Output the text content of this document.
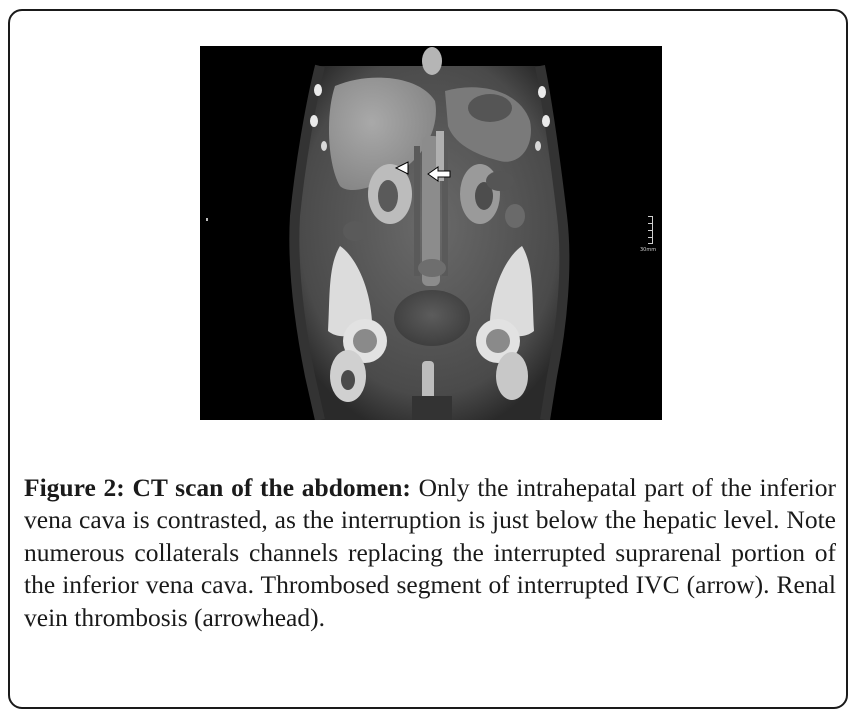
30mm

Figure 2: CT scan of the abdomen: Only the intrahepatal part of the inferior vena cava is contrasted, as the interruption is just below the hepatic level. Note numerous collaterals channels replacing the interrupted suprarenal portion of the inferior vena cava. Thrombosed segment of interrupted IVC (arrow). Renal vein thrombosis (arrowhead).
